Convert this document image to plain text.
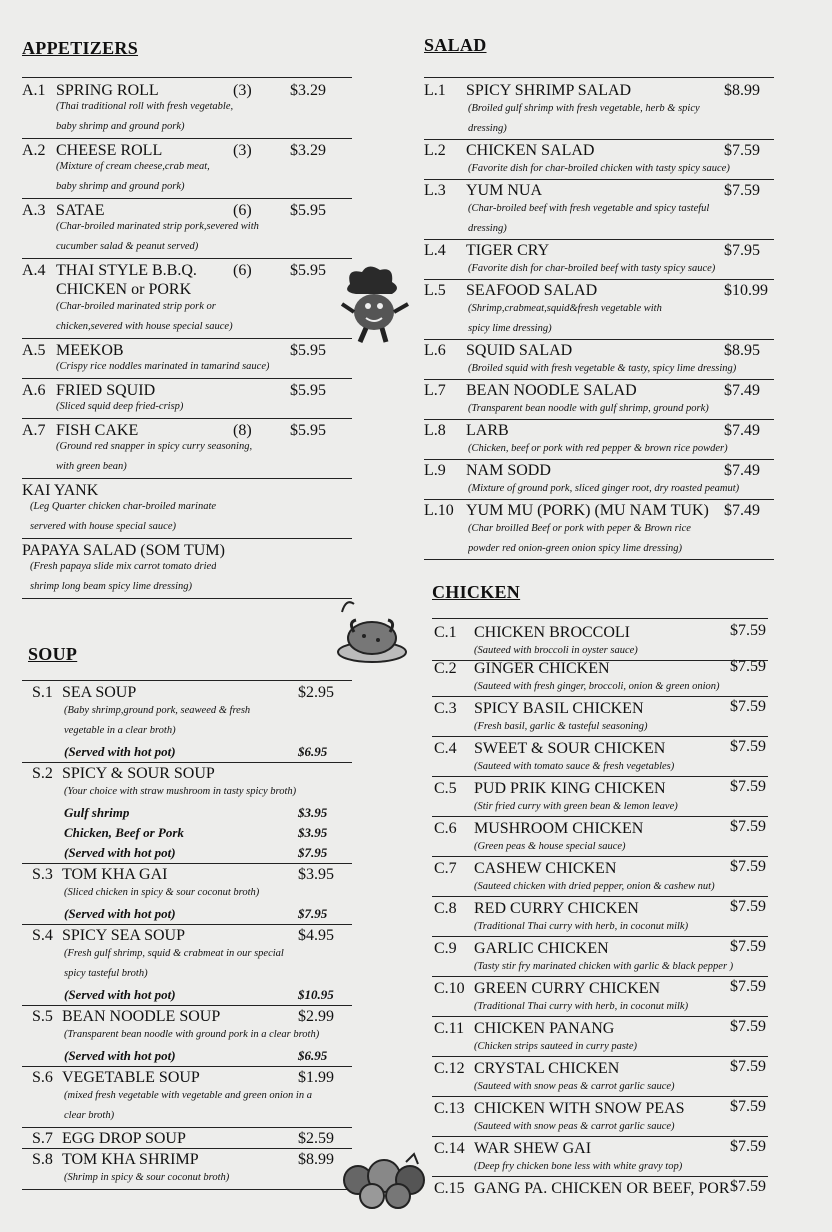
APPETIZERS
A.1 SPRING ROLL	(3) $3.29
(Thai traditional roll with fresh vegetable,
baby shrimp and ground pork)
A.2 CHEESE ROLL	(3) $3.29
(Mixture of cream cheese,crab meat,
baby shrimp and ground pork)
A.3 SATAE	(6) $5.95
(Char-broiled marinated strip pork,severed with
cucumber salad & peanut served)
A.4 THAI STYLE B.B.Q. (6) $5.95
CHICKEN or PORK
(Char-broiled marinated strip pork or
chicken,severed with house special sauce)
A.5 MEEKOB	$5.95
(Crispy rice noddles marinated in tamarind sauce)
A.6 FRIED SQUID	$5.95
(Sliced squid deep fried-crisp)
A.7 FISH CAKE	(8) $5.95
(Ground red snapper in spicy curry seasoning,
with green bean)
KAI YANK
(Leg Quarter chicken char-broiled marinate
servered with house special sauce)
PAPAYA SALAD (SOM TUM)
(Fresh papaya slide mix carrot tomato dried
shrimp long beam spicy lime dressing)
SOUP
S.1 SEA SOUP	$2.95
(Baby shrimp,ground pork, seaweed & fresh
vegetable in a clear broth)
(Served with hot pot)	$6.95
S.2 SPICY & SOUR SOUP
(Your choice with straw mushroom in tasty spicy broth)
Gulf shrimp	$3.95
Chicken, Beef or Pork	$3.95
(Served with hot pot)	$7.95
S.3 TOM KHA GAI	$3.95
(Sliced chicken in spicy & sour coconut broth)
(Served with hot pot)	$7.95
S.4 SPICY SEA SOUP	$4.95
(Fresh gulf shrimp, squid & crabmeat in our special
spicy tasteful broth)
(Served with hot pot)	$10.95
S.5 BEAN NOODLE SOUP	$2.99
(Transparent bean noodle with ground pork in a clear broth)
(Served with hot pot)	$6.95
S.6 VEGETABLE SOUP	$1.99
(mixed fresh vegetable with vegetable and green onion in a
clear broth)
S.7 EGG DROP SOUP	$2.59
S.8 TOM KHA SHRIMP	$8.99
(Shrimp in spicy & sour coconut broth)
SALAD
L.1 SPICY SHRIMP SALAD	$8.99
(Broiled gulf shrimp with fresh vegetable, herb & spicy
dressing)
L.2 CHICKEN SALAD	$7.59
(Favorite dish for char-broiled chicken with tasty spicy sauce)
L.3 YUM NUA	$7.59
(Char-broiled beef with fresh vegetable and spicy tasteful
dressing)
L.4 TIGER CRY	$7.95
(Favorite dish for char-broiled beef with tasty spicy sauce)
L.5 SEAFOOD SALAD	$10.99
(Shrimp,crabmeat,squid&fresh vegetable with
spicy lime dressing)
L.6 SQUID SALAD	$8.95
(Broiled squid with fresh vegetable & tasty, spicy lime dressing)
L.7 BEAN NOODLE SALAD	$7.49
(Transparent bean noodle with gulf shrimp, ground pork)
L.8 LARB	$7.49
(Chicken, beef or pork with red pepper & brown rice powder)
L.9 NAM SODD	$7.49
(Mixture of ground pork, sliced ginger root, dry roasted peamut)
L.10 YUM MU (PORK) (MU NAM TUK) $7.49
(Char broilled Beef or pork with peper & Brown rice
powder red onion-green onion spicy lime dressing)
CHICKEN
C.1 CHICKEN BROCCOLI	$7.59
(Sauteed with broccoli in oyster sauce)
C.2 GINGER CHICKEN	$7.59
(Sauteed with fresh ginger, broccoli, onion & green onion)
C.3 SPICY BASIL CHICKEN	$7.59
(Fresh basil, garlic & tasteful seasoning)
C.4 SWEET & SOUR CHICKEN	$7.59
(Sauteed with tomato sauce & fresh vegetables)
C.5 PUD PRIK KING CHICKEN	$7.59
(Stir fried curry with green bean & lemon leave)
C.6 MUSHROOM CHICKEN	$7.59
(Green peas & house special sauce)
C.7 CASHEW CHICKEN	$7.59
(Sauteed chicken with dried pepper, onion & cashew nut)
C.8 RED CURRY CHICKEN	$7.59
(Traditional Thai curry with herb, in coconut milk)
C.9 GARLIC CHICKEN	$7.59
(Tasty stir fry marinated chicken with garlic & black pepper )
C.10 GREEN CURRY CHICKEN	$7.59
(Traditional Thai curry with herb, in coconut milk)
C.11 CHICKEN PANANG	$7.59
(Chicken strips sauteed in curry paste)
C.12 CRYSTAL CHICKEN	$7.59
(Sauteed with snow peas & carrot garlic sauce)
C.13 CHICKEN WITH SNOW PEAS	$7.59
(Sauteed with snow peas & carrot garlic sauce)
C.14 WAR SHEW GAI	$7.59
(Deep fry chicken bone less with white gravy top)
C.15 GANG PA. CHICKEN OR BEEF, POR $7.59
